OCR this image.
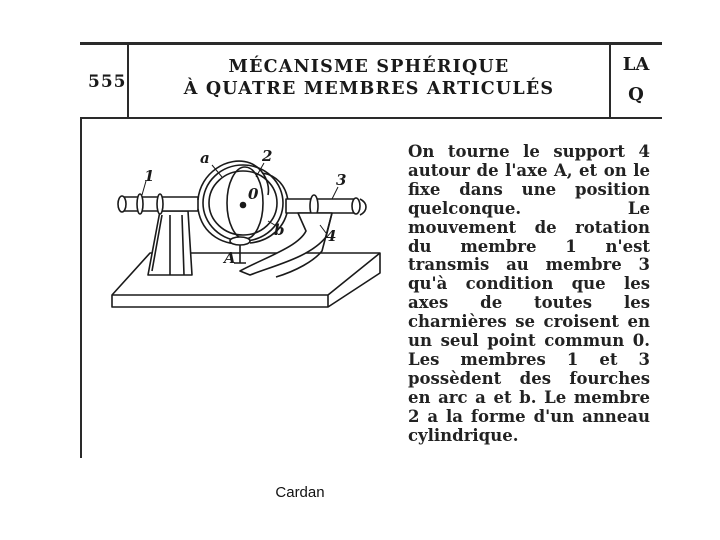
555
MÉCANISME SPHÉRIQUE
À QUATRE MEMBRES ARTICULÉS
LA
Q
a	2
1	3
0
b	4
A
On tourne le support 4 autour de l'axe A, et on le fixe dans une position quelconque. Le mouvement de rotation du membre 1 n'est transmis au membre 3 qu'à condition que les axes de toutes les charnières se croisent en un seul point commun 0. Les membres 1 et 3 possèdent des fourches en arc a et b. Le membre 2 a la forme d'un anneau cylindrique.
Cardan
